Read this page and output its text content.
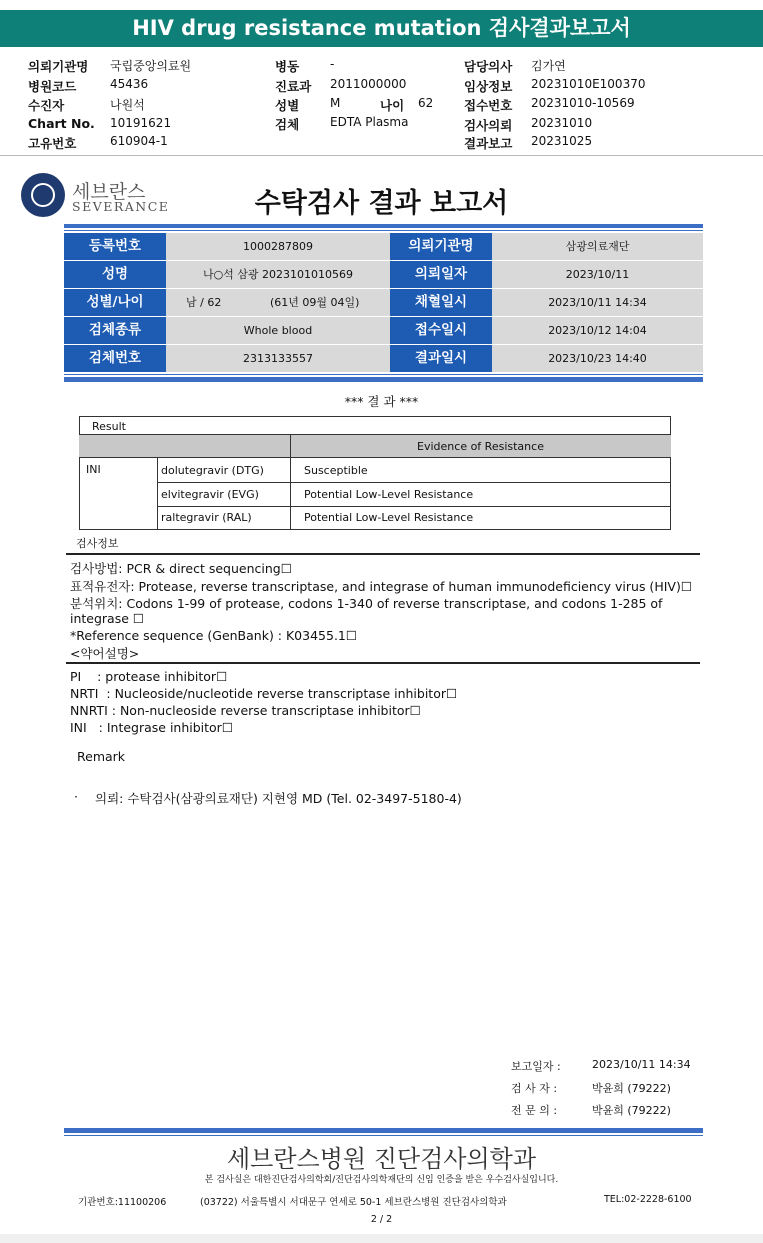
HIV drug resistance mutation 검사결과보고서
의뢰기관명 국립중앙의료원
병원코드	45436
수진자	나원석
Chart No. 10191621
고유번호	610904-1
병동	-
진료과 2011000000
성별	M	나이 62
검체	EDTA Plasma
담당의사 김가연
임상정보 20231010E100370
접수번호 20231010-10569
검사의뢰 20231010
결과보고 20231025
세브란스
SEVERANCE	수탁검사 결과 보고서
등록번호	1000287809	의뢰기관명	삼광의료재단
성명	나○석 삼광 2023101010569	의뢰일자	2023/10/11
성별/나이	남 / 62	(61년 09월 04일)	채혈일시	2023/10/11 14:34
검체종류	Whole blood	접수일시	2023/10/12 14:04
검체번호	2313133557	결과일시	2023/10/23 14:40
*** 결 과 ***
Result
Evidence of Resistance
INI	dolutegravir (DTG)	Susceptible
elvitegravir (EVG)	Potential Low-Level Resistance
raltegravir (RAL)	Potential Low-Level Resistance
검사정보
검사방법: PCR & direct sequencing☐
표적유전자: Protease, reverse transcriptase, and integrase of human immunodeficiency virus (HIV)☐
분석위치: Codons 1-99 of protease, codons 1-340 of reverse transcriptase, and codons 1-285 of
integrase ☐
*Reference sequence (GenBank) : K03455.1☐
<약어설명>
PI    : protease inhibitor☐
NRTI  : Nucleoside/nucleotide reverse transcriptase inhibitor☐
NNRTI : Non-nucleoside reverse transcriptase inhibitor☐
INI   : Integrase inhibitor☐
Remark
· 의뢰: 수탁검사(삼광의료재단) 지현영 MD (Tel. 02-3497-5180-4)
보고일자 :	2023/10/11 14:34
검 사 자 :	박윤희 (79222)
전 문 의 :	박윤희 (79222)
세브란스병원 진단검사의학과
본 검사실은 대한진단검사의학회/진단검사의학재단의 신임 인증을 받은 우수검사실입니다.
기관번호:11100206	(03722) 서울특별시 서대문구 연세로 50-1 세브란스병원 진단검사의학과	TEL:02-2228-6100
2 / 2
